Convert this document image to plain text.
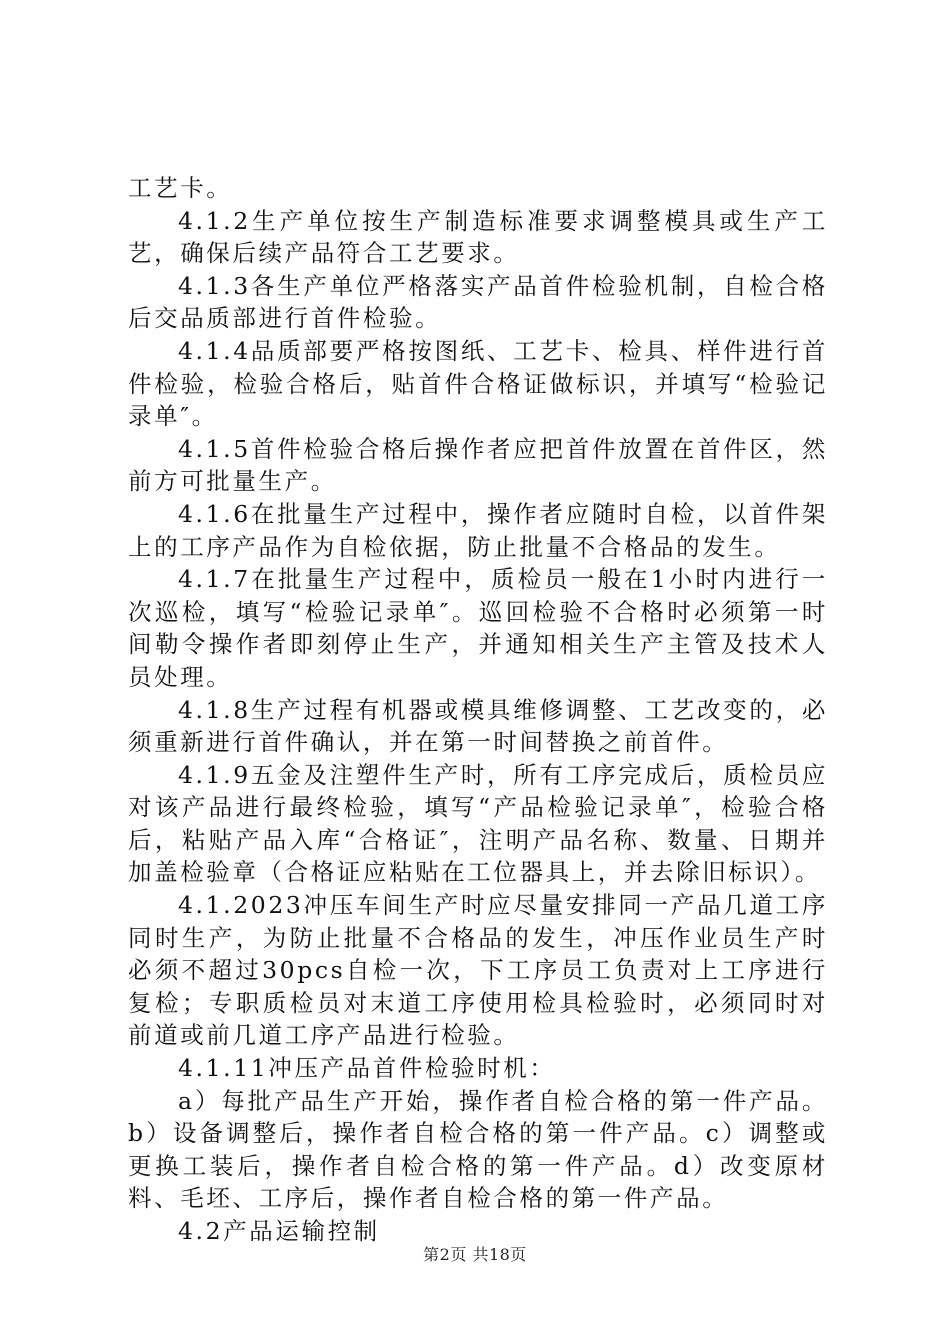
工艺卡。

4.1.2生产单位按生产制造标准要求调整模具或生产工艺，确保后续产品符合工艺要求。

4.1.3各生产单位严格落实产品首件检验机制，自检合格后交品质部进行首件检验。

4.1.4品质部要严格按图纸、工艺卡、检具、样件进行首件检验，检验合格后，贴首件合格证做标识，并填写“检验记录单″。

4.1.5首件检验合格后操作者应把首件放置在首件区，然前方可批量生产。

4.1.6在批量生产过程中，操作者应随时自检，以首件架上的工序产品作为自检依据，防止批量不合格品的发生。

4.1.7在批量生产过程中，质检员一般在1小时内进行一次巡检，填写“检验记录单″。巡回检验不合格时必须第一时间勒令操作者即刻停止生产，并通知相关生产主管及技术人员处理。

4.1.8生产过程有机器或模具维修调整、工艺改变的，必须重新进行首件确认，并在第一时间替换之前首件。

4.1.9五金及注塑件生产时，所有工序完成后，质检员应对该产品进行最终检验，填写“产品检验记录单″，检验合格后，粘贴产品入库“合格证″，注明产品名称、数量、日期并加盖检验章（合格证应粘贴在工位器具上，并去除旧标识）。

4.1.2023冲压车间生产时应尽量安排同一产品几道工序同时生产，为防止批量不合格品的发生，冲压作业员生产时必须不超过30pcs自检一次，下工序员工负责对上工序进行复检；专职质检员对末道工序使用检具检验时，必须同时对前道或前几道工序产品进行检验。

4.1.11冲压产品首件检验时机：

a）每批产品生产开始，操作者自检合格的第一件产品。b）设备调整后，操作者自检合格的第一件产品。c）调整或更换工装后，操作者自检合格的第一件产品。d）改变原材料、毛坯、工序后，操作者自检合格的第一件产品。

4.2产品运输控制

第2页 共18页
